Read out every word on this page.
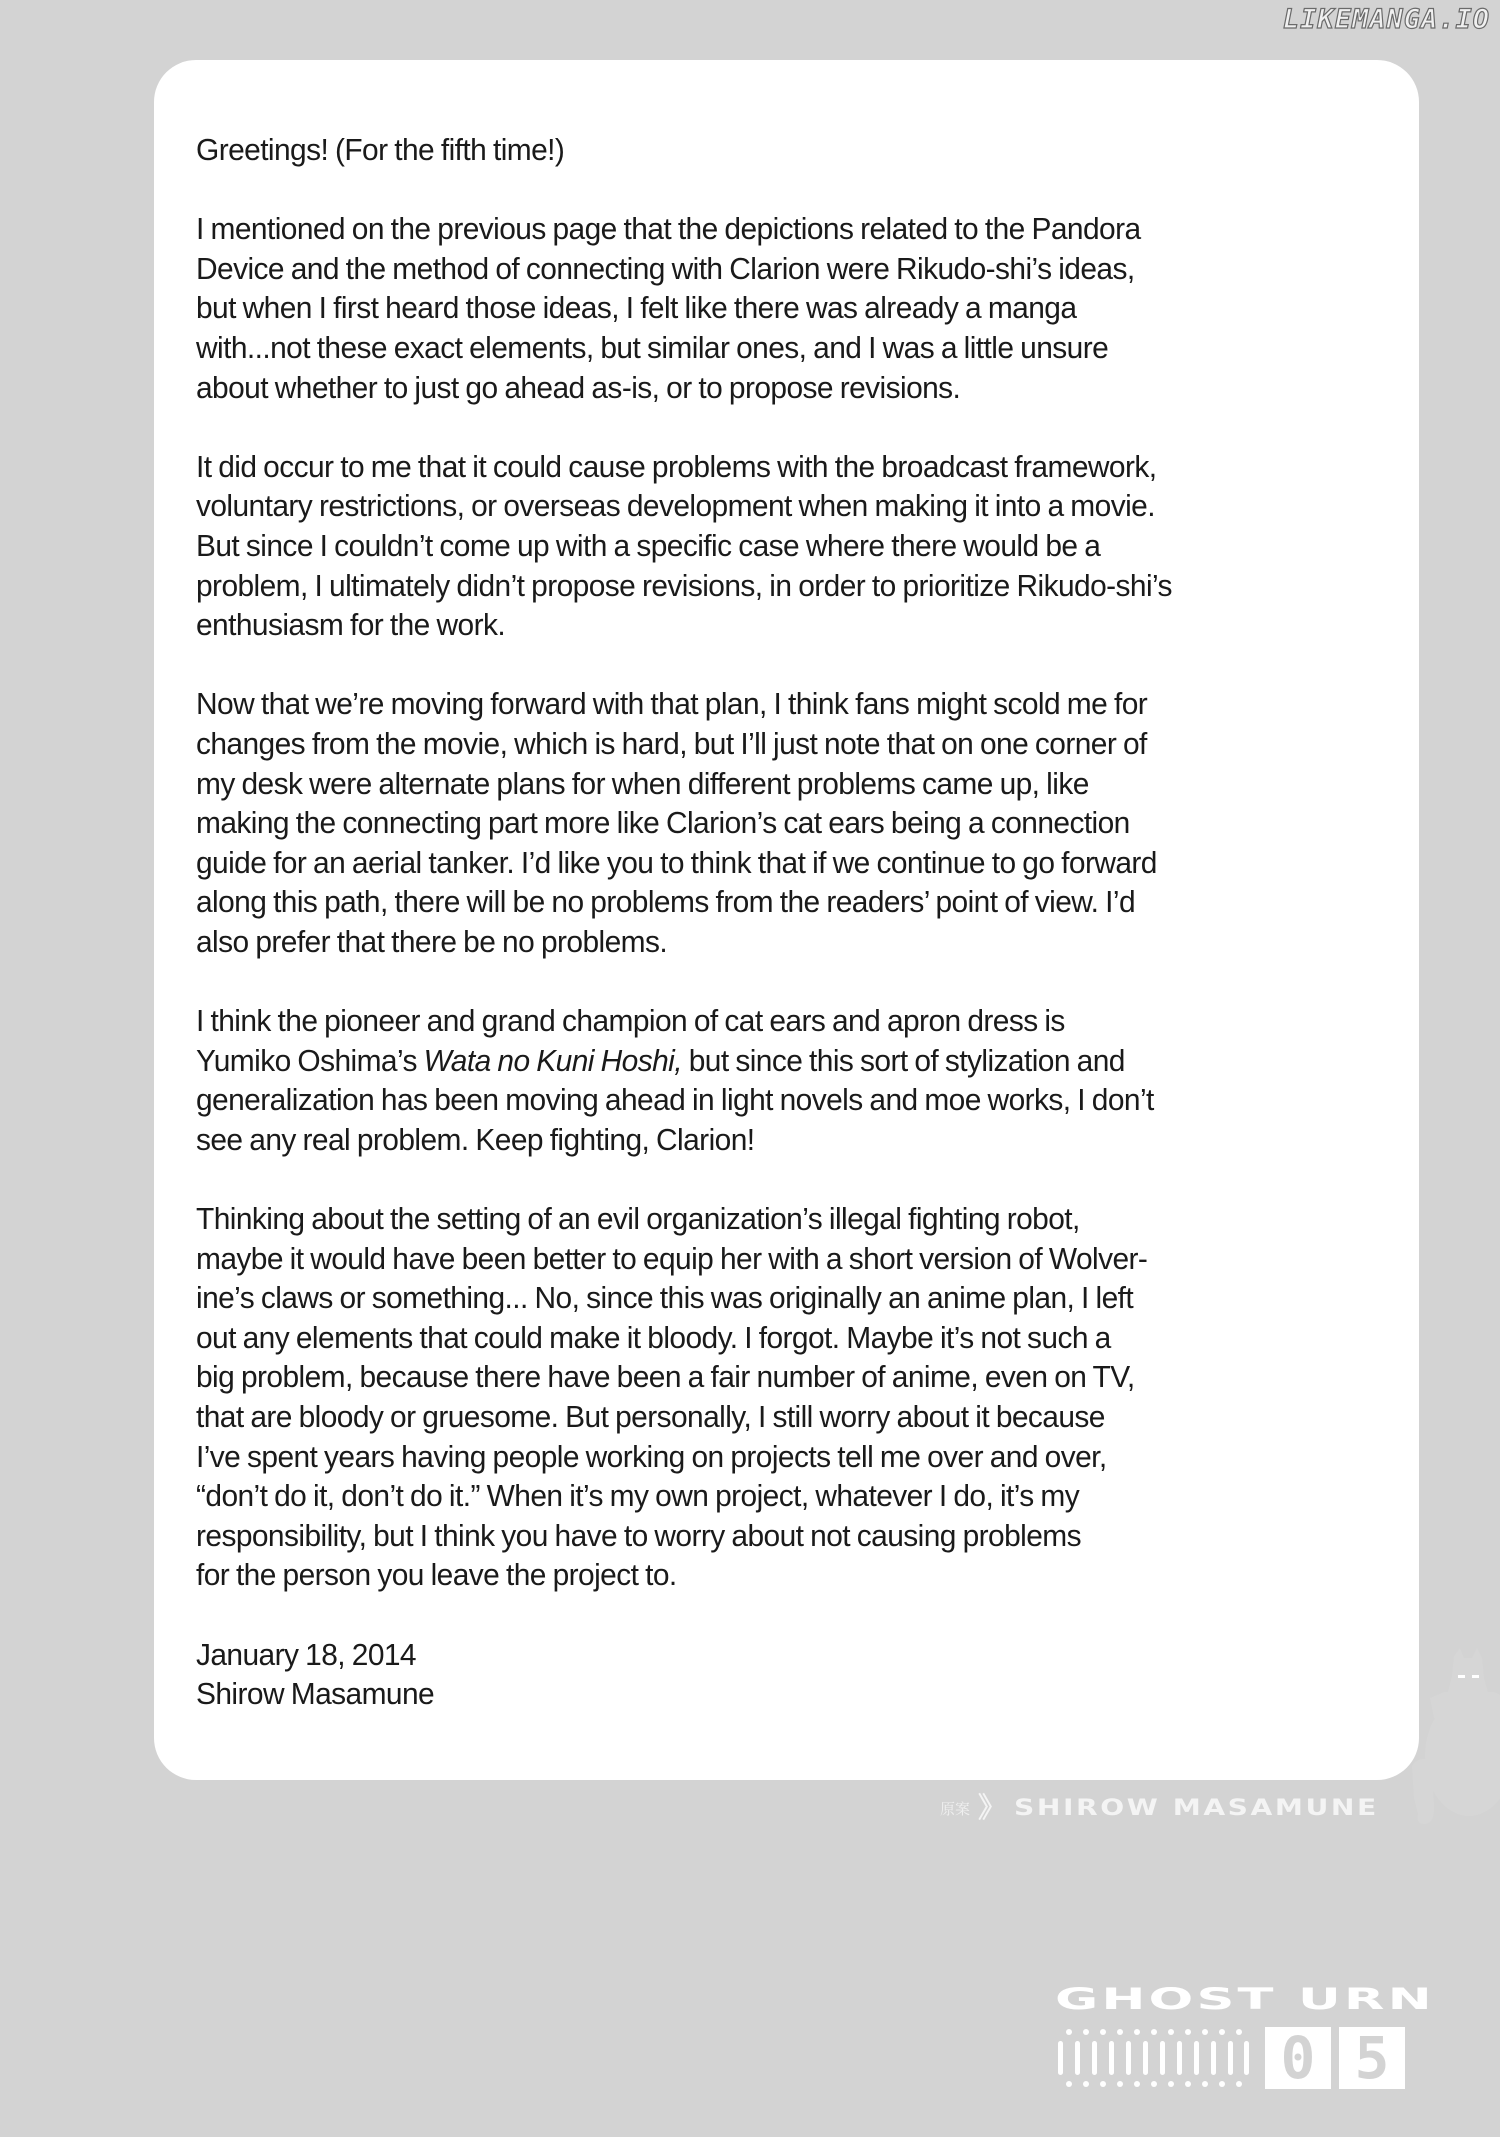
LIKEMANGA.IO

Greetings! (For the fifth time!)

I mentioned on the previous page that the depictions related to the Pandora
Device and the method of connecting with Clarion were Rikudo-shi’s ideas,
but when I first heard those ideas, I felt like there was already a manga
with...not these exact elements, but similar ones, and I was a little unsure
about whether to just go ahead as-is, or to propose revisions.

It did occur to me that it could cause problems with the broadcast framework,
voluntary restrictions, or overseas development when making it into a movie.
But since I couldn’t come up with a specific case where there would be a
problem, I ultimately didn’t propose revisions, in order to prioritize Rikudo-shi’s
enthusiasm for the work.

Now that we’re moving forward with that plan, I think fans might scold me for
changes from the movie, which is hard, but I’ll just note that on one corner of
my desk were alternate plans for when different problems came up, like
making the connecting part more like Clarion’s cat ears being a connection
guide for an aerial tanker. I’d like you to think that if we continue to go forward
along this path, there will be no problems from the readers’ point of view. I’d
also prefer that there be no problems.

I think the pioneer and grand champion of cat ears and apron dress is
Yumiko Oshima’s Wata no Kuni Hoshi, but since this sort of stylization and
generalization has been moving ahead in light novels and moe works, I don’t
see any real problem. Keep fighting, Clarion!

Thinking about the setting of an evil organization’s illegal fighting robot,
maybe it would have been better to equip her with a short version of Wolver-
ine’s claws or something... No, since this was originally an anime plan, I left
out any elements that could make it bloody. I forgot. Maybe it’s not such a
big problem, because there have been a fair number of anime, even on TV,
that are bloody or gruesome. But personally, I still worry about it because
I’ve spent years having people working on projects tell me over and over,
“don’t do it, don’t do it.” When it’s my own project, whatever I do, it’s my
responsibility, but I think you have to worry about not causing problems
for the person you leave the project to.

January 18, 2014
Shirow Masamune

原案 》 SHIROW MASAMUNE
GHOST URN
0 5
